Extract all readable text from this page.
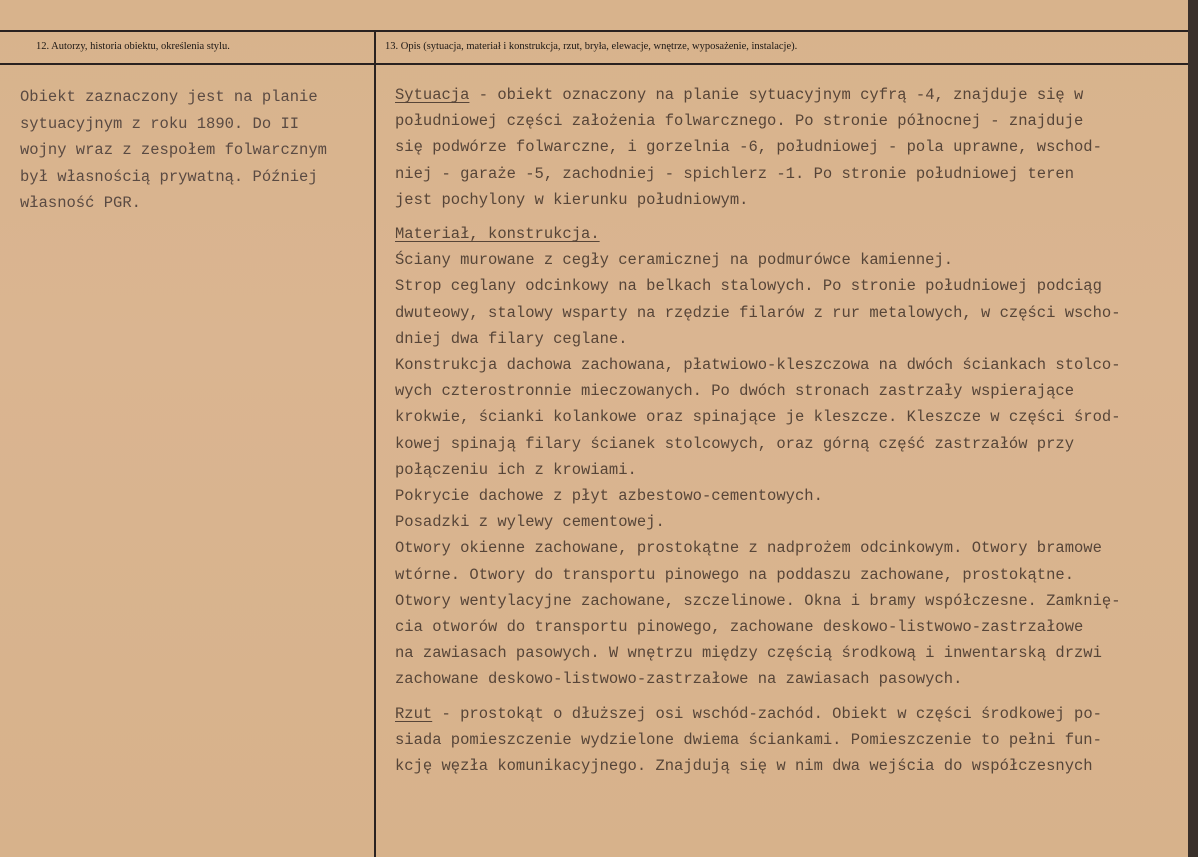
12. Autorzy, historia obiektu, określenia stylu.	13. Opis (sytuacja, materiał i konstrukcja, rzut, bryła, elewacje, wnętrze, wyposażenie, instalacje).
Obiekt zaznaczony jest na planie
sytuacyjnym z roku 1890. Do II
wojny wraz z zespołem folwarcznym
był własnością prywatną. Później
własność PGR.
Sytuacja - obiekt oznaczony na planie sytuacyjnym cyfrą -4, znajduje się w
południowej części założenia folwarcznego. Po stronie północnej - znajduje
się podwórze folwarczne, i gorzelnia -6, południowej - pola uprawne, wschod-
niej - garaże -5, zachodniej - spichlerz -1. Po stronie południowej teren
jest pochylony w kierunku południowym.
Materiał, konstrukcja.
Ściany murowane z cegły ceramicznej na podmurówce kamiennej.
Strop ceglany odcinkowy na belkach stalowych. Po stronie południowej podciąg
dwuteowy, stalowy wsparty na rzędzie filarów z rur metalowych, w części wscho-
dniej dwa filary ceglane.
Konstrukcja dachowa zachowana, płatwiowo-kleszczowa na dwóch ściankach stolco-
wych czterostronnie mieczowanych. Po dwóch stronach zastrzały wspierające
krokwie, ścianki kolankowe oraz spinające je kleszcze. Kleszcze w części środ-
kowej spinają filary ścianek stolcowych, oraz górną część zastrzałów przy
połączeniu ich z krowiami.
Pokrycie dachowe z płyt azbestowo-cementowych.
Posadzki z wylewy cementowej.
Otwory okienne zachowane, prostokątne z nadprożem odcinkowym. Otwory bramowe
wtórne. Otwory do transportu pinowego na poddaszu zachowane, prostokątne.
Otwory wentylacyjne zachowane, szczelinowe. Okna i bramy współczesne. Zamknię-
cia otworów do transportu pinowego, zachowane deskowo-listwowo-zastrzałowe
na zawiasach pasowych. W wnętrzu między częścią środkową i inwentarską drzwi
zachowane deskowo-listwowo-zastrzałowe na zawiasach pasowych.
Rzut - prostokąt o dłuższej osi wschód-zachód. Obiekt w części środkowej po-
siada pomieszczenie wydzielone dwiema ściankami. Pomieszczenie to pełni fun-
kcję węzła komunikacyjnego. Znajdują się w nim dwa wejścia do współczesnych
